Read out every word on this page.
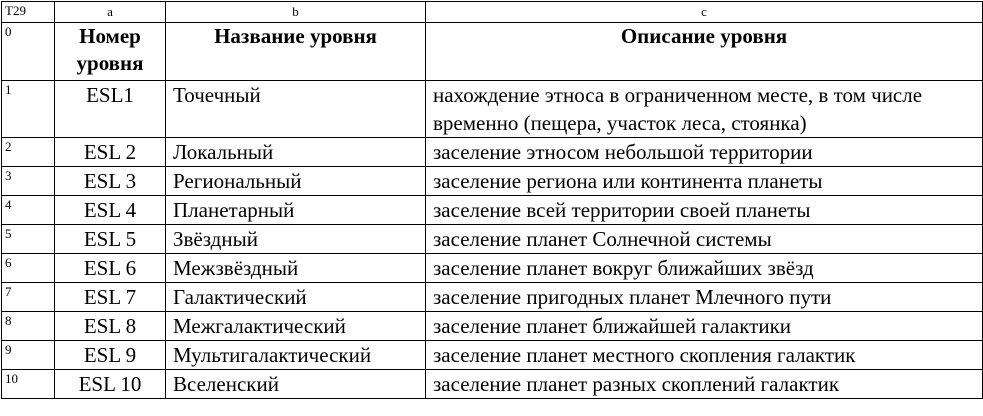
T29	a	b	c
0	Номер уровня	Название уровня	Описание уровня
1	ESL1	Точечный	нахождение этноса в ограниченном месте, в том числе временно (пещера, участок леса, стоянка)
2	ESL 2	Локальный	заселение этносом небольшой территории
3	ESL 3	Региональный	заселение региона или континента планеты
4	ESL 4	Планетарный	заселение всей территории своей планеты
5	ESL 5	Звёздный	заселение планет Солнечной системы
6	ESL 6	Межзвёздный	заселение планет вокруг ближайших звёзд
7	ESL 7	Галактический	заселение пригодных планет Млечного пути
8	ESL 8	Межгалактический	заселение планет ближайшей галактики
9	ESL 9	Мультигалактический	заселение планет местного скопления галактик
10	ESL 10	Вселенский	заселение планет разных скоплений галактик
